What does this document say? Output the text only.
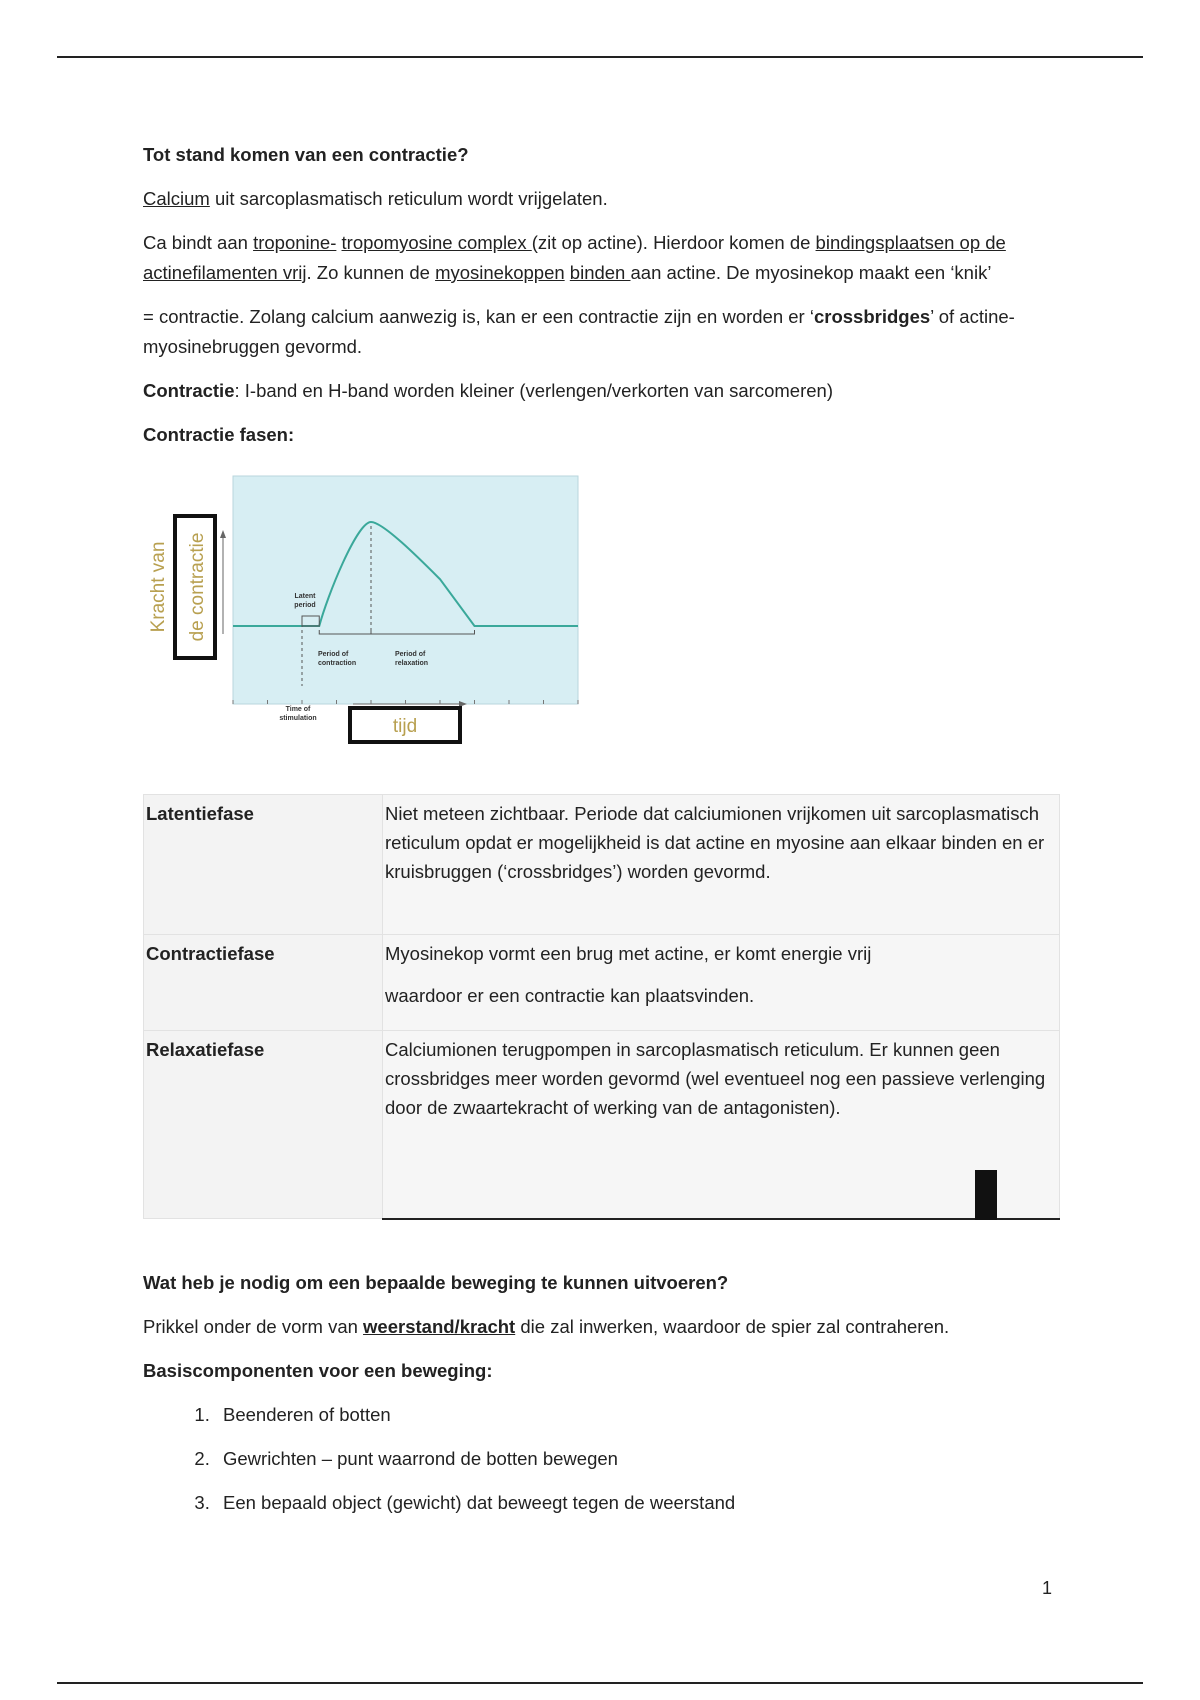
Tot stand komen van een contractie?

Calcium uit sarcoplasmatisch reticulum wordt vrijgelaten.

Ca bindt aan troponine- tropomyosine complex (zit op actine). Hierdoor komen de bindingsplaatsen op de actinefilamenten vrij. Zo kunnen de myosinekoppen binden aan actine. De myosinekop maakt een ‘knik’

= contractie. Zolang calcium aanwezig is, kan er een contractie zijn en worden er ‘crossbridges’ of actine- myosinebruggen gevormd.

Contractie: I-band en H-band worden kleiner (verlengen/verkorten van sarcomeren)

Contractie fasen:

Latent
period
Period of
contraction
Period of
relaxation
Time of
stimulation
Kracht van de contractie
tijd
Latentiefase	Niet meteen zichtbaar. Periode dat calciumionen vrijkomen uit sarcoplasmatisch reticulum opdat er mogelijkheid is dat actine en myosine aan elkaar binden en er kruisbruggen (‘crossbridges’) worden gevormd.
Contractiefase	Myosinekop vormt een brug met actine, er komt energie vrij
waardoor er een contractie kan plaatsvinden.

Relaxatiefase	Calciumionen terugpompen in sarcoplasmatisch reticulum. Er kunnen geen crossbridges meer worden gevormd (wel eventueel nog een passieve verlenging door de zwaartekracht of werking van de antagonisten).

Wat heb je nodig om een bepaalde beweging te kunnen uitvoeren?

Prikkel onder de vorm van weerstand/kracht die zal inwerken, waardoor de spier zal contraheren.

Basiscomponenten voor een beweging:

1. Beenderen of botten
2. Gewrichten – punt waarrond de botten bewegen
3. Een bepaald object (gewicht) dat beweegt tegen de weerstand
1
